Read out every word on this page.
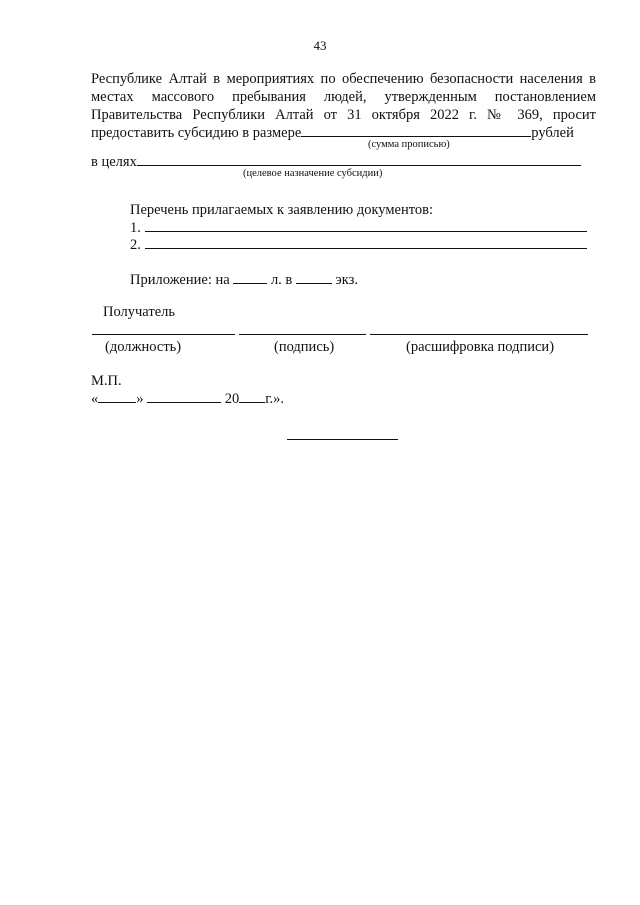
43
Республике Алтай в мероприятиях по обеспечению безопасности населения в
местах массового пребывания людей, утвержденным постановлением
Правительства Республики Алтай от 31 октября 2022 г. № 369, просит
предоставить субсидию в размере	рублей
(сумма прописью)
в целях
(целевое назначение субсидии)
Перечень прилагаемых к заявлению документов:
1.
2.
Приложение: на	л. в	экз.
Получатель
(должность)	(подпись)	(расшифровка подписи)
М.П.
«	»	20 г.».
